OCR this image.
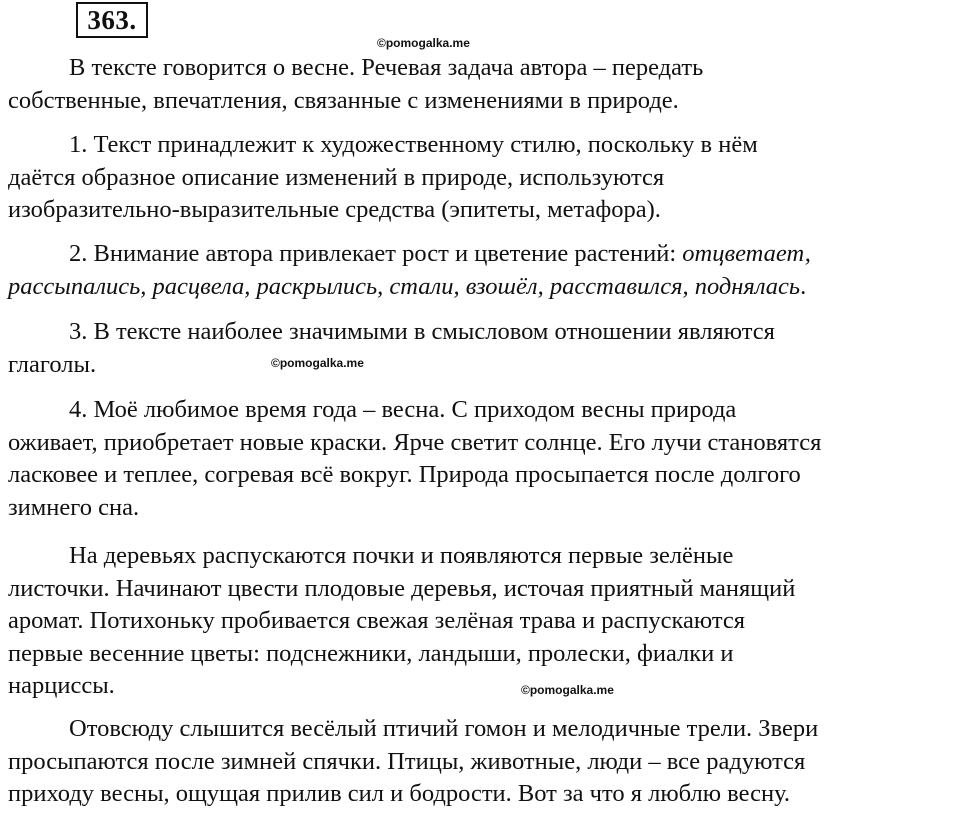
363.
©pomogalka.me
©pomogalka.me
©pomogalka.me

В тексте говорится о весне. Речевая задача автора – передать
собственные, впечатления, связанные с изменениями в природе.

1. Текст принадлежит к художественному стилю, поскольку в нём
даётся образное описание изменений в природе, используются
изобразительно-выразительные средства (эпитеты, метафора).

2. Внимание автора привлекает рост и цветение растений: отцветает,
рассыпались, расцвела, раскрылись, стали, взошёл, расставился, поднялась.

3. В тексте наиболее значимыми в смысловом отношении являются
глаголы.

4. Моё любимое время года – весна. С приходом весны природа
оживает, приобретает новые краски. Ярче светит солнце. Его лучи становятся
ласковее и теплее, согревая всё вокруг. Природа просыпается после долгого
зимнего сна.

На деревьях распускаются почки и появляются первые зелёные
листочки. Начинают цвести плодовые деревья, источая приятный манящий
аромат. Потихоньку пробивается свежая зелёная трава и распускаются
первые весенние цветы: подснежники, ландыши, пролески, фиалки и
нарциссы.

Отовсюду слышится весёлый птичий гомон и мелодичные трели. Звери
просыпаются после зимней спячки. Птицы, животные, люди – все радуются
приходу весны, ощущая прилив сил и бодрости. Вот за что я люблю весну.
